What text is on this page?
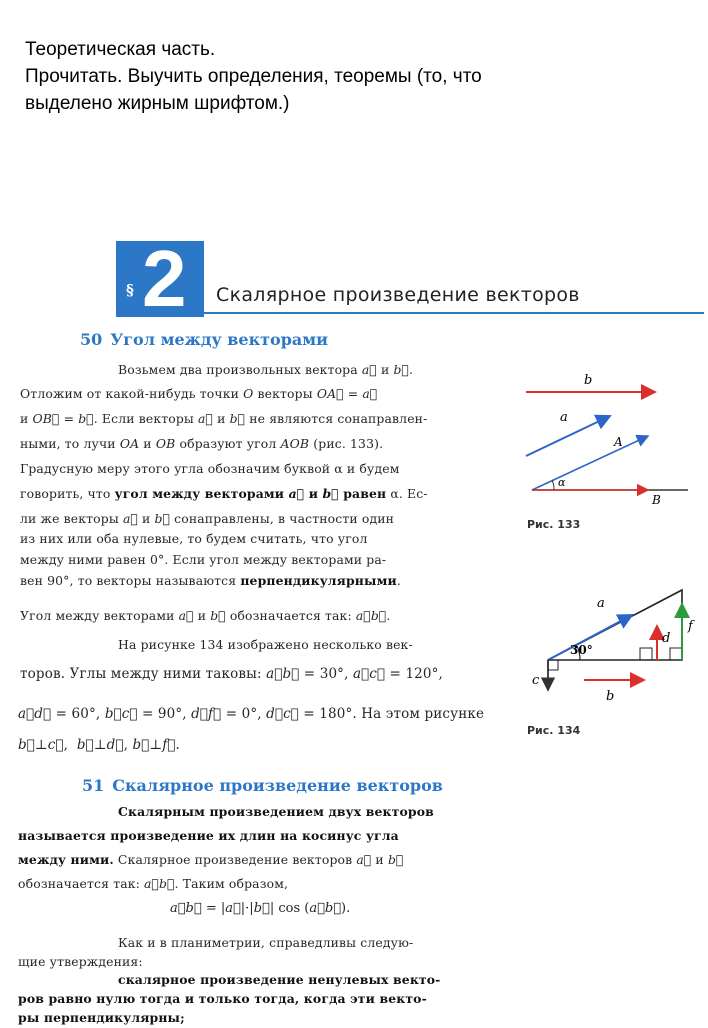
Теоретическая часть.
Прочитать. Выучить определения, теоремы (то, что
выделено жирным шрифтом.)
§ 2 Скалярное произведение векторов
50 Угол между векторами
Возьмем два произвольных вектора a⃗ и b⃗.
Отложим от какой-нибудь точки O векторы OA⃗ = a⃗
и OB⃗ = b⃗. Если векторы a⃗ и b⃗ не являются сонаправлен-
ными, то лучи OA и OB образуют угол AOB (рис. 133).
Градусную меру этого угла обозначим буквой α и будем
говорить, что угол между векторами a⃗ и b⃗ равен α. Ес-
ли же векторы a⃗ и b⃗ сонаправлены, в частности один
из них или оба нулевые, то будем считать, что угол
между ними равен 0°. Если угол между векторами ра-
вен 90°, то векторы называются перпендикулярными.
Угол между векторами a⃗ и b⃗ обозначается так: a⃗b⃗.
На рисунке 134 изображено несколько век-
торов. Углы между ними таковы: a⃗b⃗ = 30°, a⃗c⃗ = 120°,
a⃗d⃗ = 60°, b⃗c⃗ = 90°, d⃗f⃗ = 0°, d⃗c⃗ = 180°. На этом рисунке
b⃗⊥c⃗,  b⃗⊥d⃗, b⃗⊥f⃗.
51 Скалярное произведение векторов
Скалярным произведением двух векторов
называется произведение их длин на косинус угла
между ними. Скалярное произведение векторов a⃗ и b⃗
обозначается так: a⃗b⃗. Таким образом,
a⃗b⃗ = |a⃗|·|b⃗| cos (a⃗b⃗).
Как и в планиметрии, справедливы следую-
щие утверждения:
скалярное произведение ненулевых векто-
ров равно нулю тогда и только тогда, когда эти векто-
ры перпендикулярны;
b
a
A
B
α
Рис. 133
a
f
d
30°
c
b
Рис. 134
